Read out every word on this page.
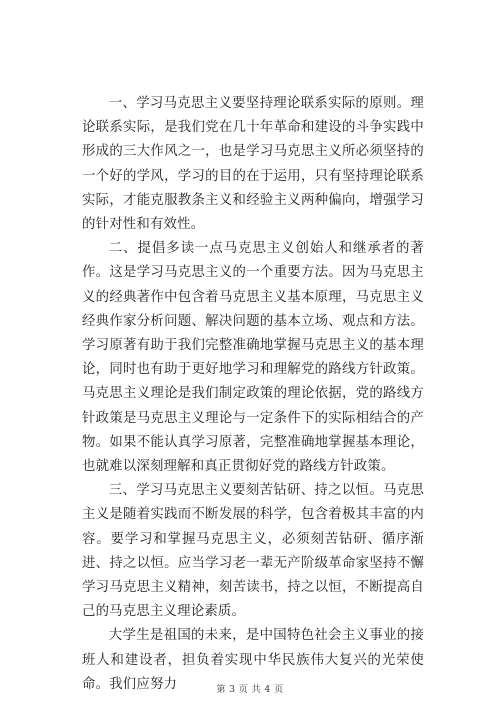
一、学习马克思主义要坚持理论联系实际的原则。理论联系实际，是我们党在几十年革命和建设的斗争实践中形成的三大作风之一，也是学习马克思主义所必须坚持的一个好的学风，学习的目的在于运用，只有坚持理论联系实际，才能克服教条主义和经验主义两种偏向，增强学习的针对性和有效性。

二、提倡多读一点马克思主义创始人和继承者的著作。这是学习马克思主义的一个重要方法。因为马克思主义的经典著作中包含着马克思主义基本原理，马克思主义经典作家分析问题、解决问题的基本立场、观点和方法。学习原著有助于我们完整准确地掌握马克思主义的基本理论，同时也有助于更好地学习和理解党的路线方针政策。马克思主义理论是我们制定政策的理论依据，党的路线方针政策是马克思主义理论与一定条件下的实际相结合的产物。如果不能认真学习原著，完整准确地掌握基本理论，也就难以深刻理解和真正贯彻好党的路线方针政策。

三、学习马克思主义要刻苦钻研、持之以恒。马克思主义是随着实践而不断发展的科学，包含着极其丰富的内容。要学习和掌握马克思主义，必须刻苦钻研、循序渐进、持之以恒。应当学习老一辈无产阶级革命家坚持不懈学习马克思主义精神，刻苦读书，持之以恒，不断提高自己的马克思主义理论素质。

大学生是祖国的未来，是中国特色社会主义事业的接班人和建设者，担负着实现中华民族伟大复兴的光荣使命。我们应努力	第 3 页 共 4 页
